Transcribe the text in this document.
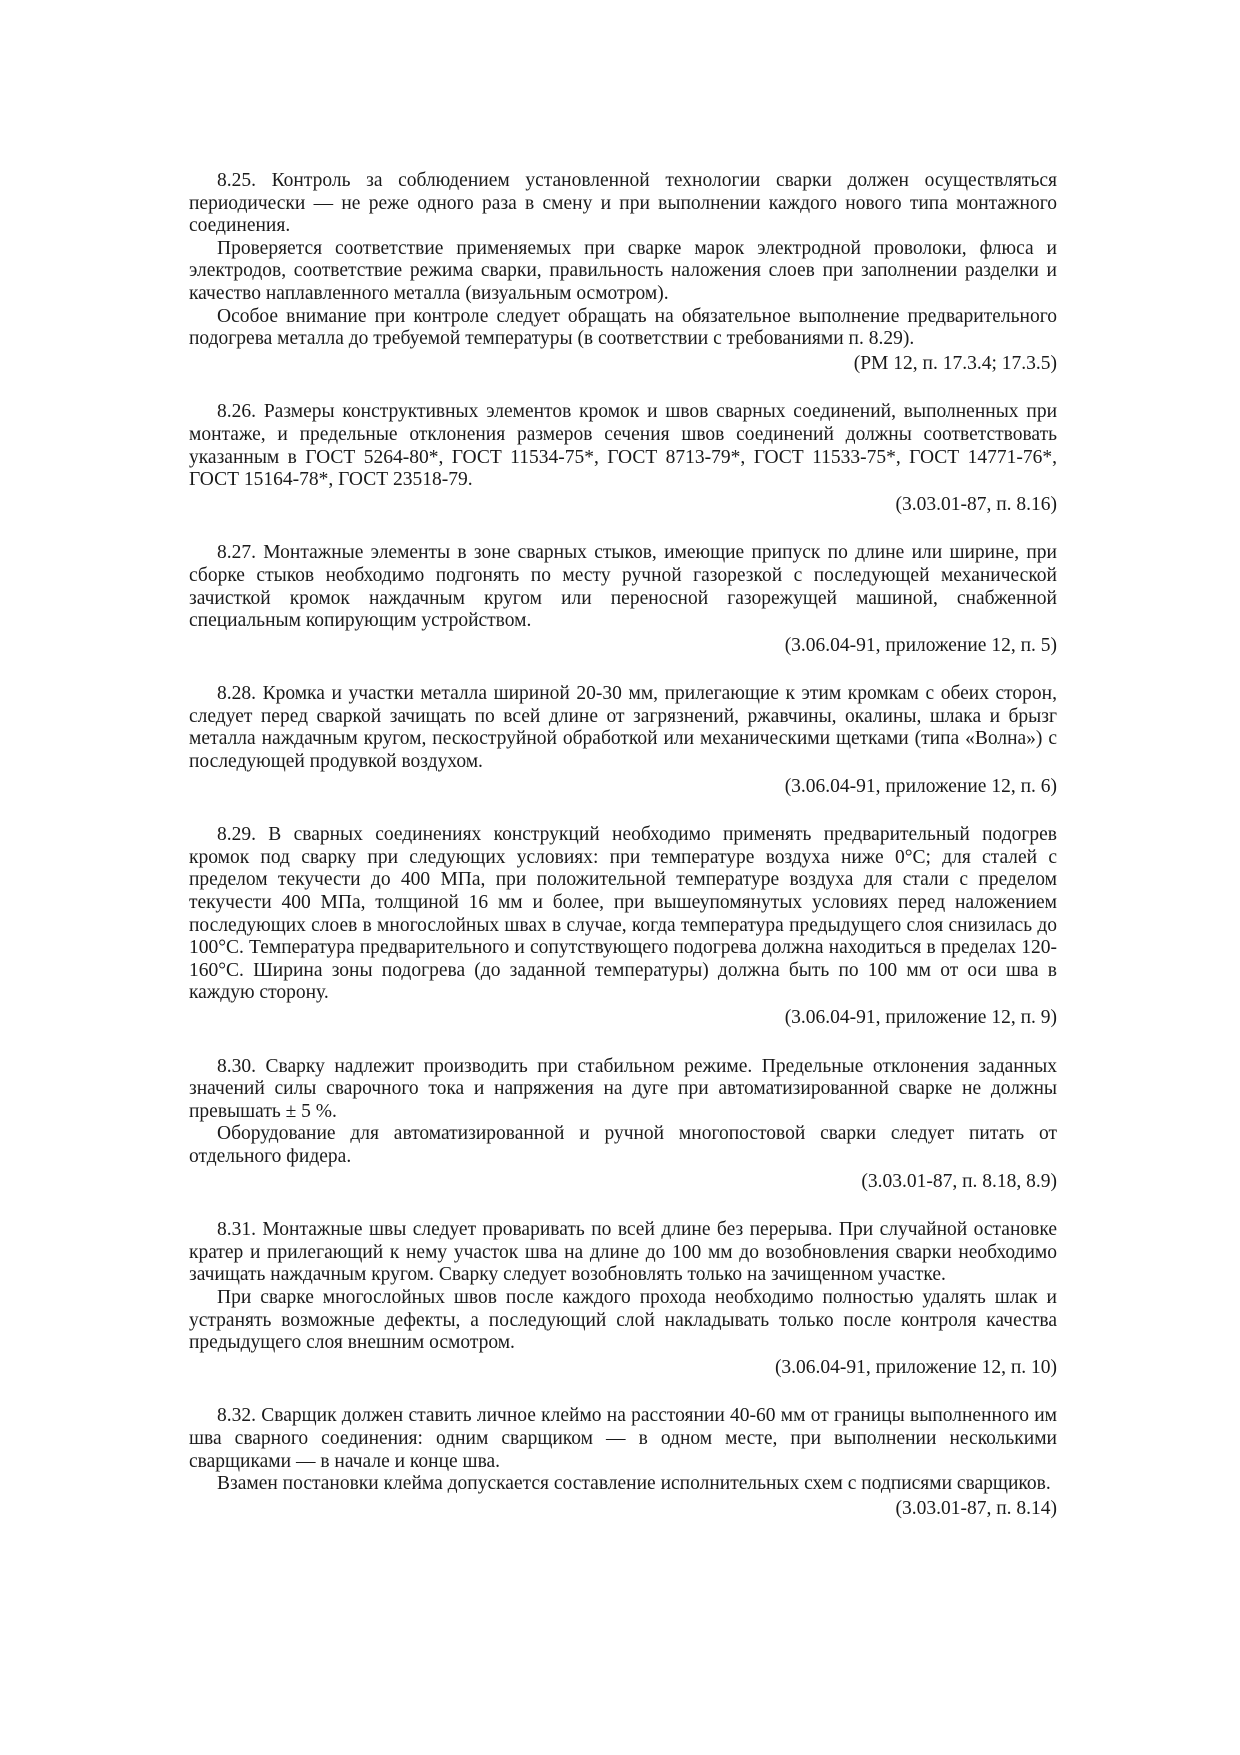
8.25. Контроль за соблюдением установленной технологии сварки должен осуществляться периодически — не реже одного раза в смену и при выполнении каждого нового типа монтажного соединения.

Проверяется соответствие применяемых при сварке марок электродной проволоки, флюса и электродов, соответствие режима сварки, правильность наложения слоев при заполнении разделки и качество наплавленного металла (визуальным осмотром).

Особое внимание при контроле следует обращать на обязательное выполнение предварительного подогрева металла до требуемой температуры (в соответствии с требованиями п. 8.29).

(РМ 12, п. 17.3.4; 17.3.5)

8.26. Размеры конструктивных элементов кромок и швов сварных соединений, выполненных при монтаже, и предельные отклонения размеров сечения швов соединений должны соответствовать указанным в ГОСТ 5264-80*, ГОСТ 11534-75*, ГОСТ 8713-79*, ГОСТ 11533-75*, ГОСТ 14771-76*, ГОСТ 15164-78*, ГОСТ 23518-79.

(3.03.01-87, п. 8.16)

8.27. Монтажные элементы в зоне сварных стыков, имеющие припуск по длине или ширине, при сборке стыков необходимо подгонять по месту ручной газорезкой с последующей механической зачисткой кромок наждачным кругом или переносной газорежущей машиной, снабженной специальным копирующим устройством.

(3.06.04-91, приложение 12, п. 5)

8.28. Кромка и участки металла шириной 20-30 мм, прилегающие к этим кромкам с обеих сторон, следует перед сваркой зачищать по всей длине от загрязнений, ржавчины, окалины, шлака и брызг металла наждачным кругом, пескоструйной обработкой или механическими щетками (типа «Волна») с последующей продувкой воздухом.

(3.06.04-91, приложение 12, п. 6)

8.29. В сварных соединениях конструкций необходимо применять предварительный подогрев кромок под сварку при следующих условиях: при температуре воздуха ниже 0°С; для сталей с пределом текучести до 400 МПа, при положительной температуре воздуха для стали с пределом текучести 400 МПа, толщиной 16 мм и более, при вышеупомянутых условиях перед наложением последующих слоев в многослойных швах в случае, когда температура предыдущего слоя снизилась до 100°С. Температура предварительного и сопутствующего подогрева должна находиться в пределах 120-160°С. Ширина зоны подогрева (до заданной температуры) должна быть по 100 мм от оси шва в каждую сторону.

(3.06.04-91, приложение 12, п. 9)

8.30. Сварку надлежит производить при стабильном режиме. Предельные отклонения заданных значений силы сварочного тока и напряжения на дуге при автоматизированной сварке не должны превышать ± 5 %.

Оборудование для автоматизированной и ручной многопостовой сварки следует питать от отдельного фидера.

(3.03.01-87, п. 8.18, 8.9)

8.31. Монтажные швы следует проваривать по всей длине без перерыва. При случайной остановке кратер и прилегающий к нему участок шва на длине до 100 мм до возобновления сварки необходимо зачищать наждачным кругом. Сварку следует возобновлять только на зачищенном участке.

При сварке многослойных швов после каждого прохода необходимо полностью удалять шлак и устранять возможные дефекты, а последующий слой накладывать только после контроля качества предыдущего слоя внешним осмотром.

(3.06.04-91, приложение 12, п. 10)

8.32. Сварщик должен ставить личное клеймо на расстоянии 40-60 мм от границы выполненного им шва сварного соединения: одним сварщиком — в одном месте, при выполнении несколькими сварщиками — в начале и конце шва.

Взамен постановки клейма допускается составление исполнительных схем с подписями сварщиков.

(3.03.01-87, п. 8.14)
